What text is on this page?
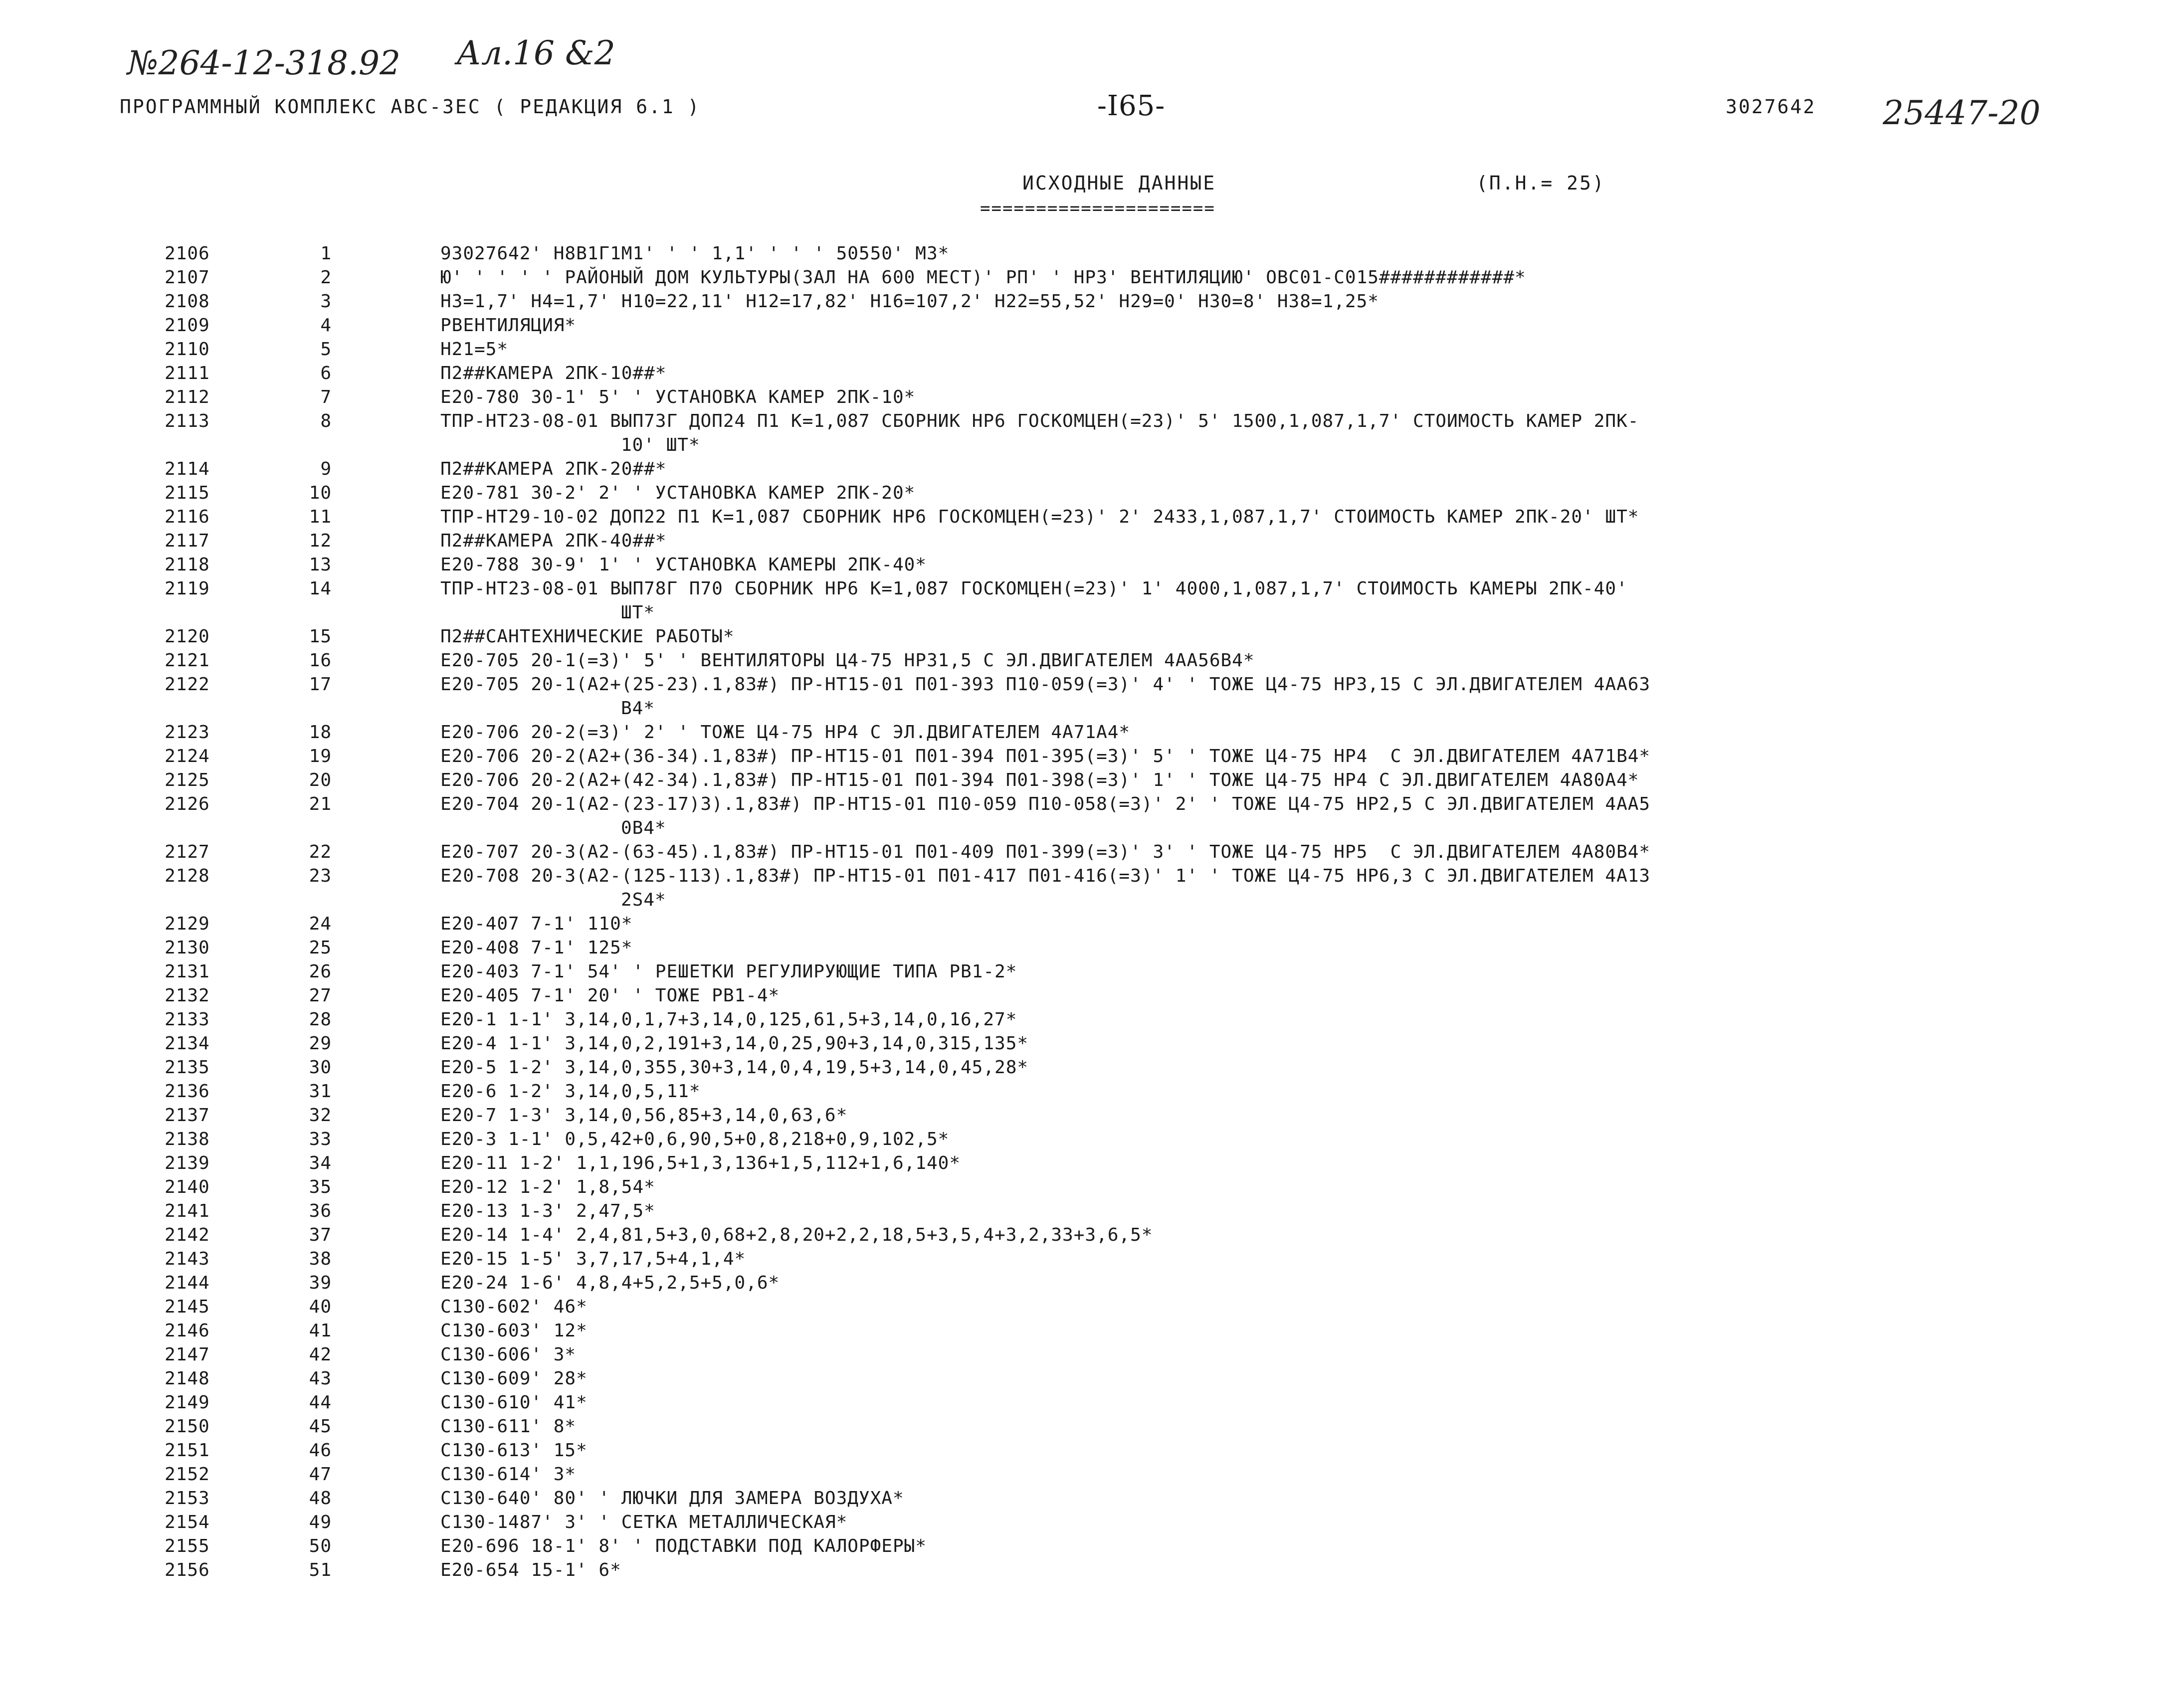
№264-12-318.92 Ал.16 &2
25447-20
ПРОГРАММНЫЙ КОМПЛЕКС АВС-3ЕС ( РЕДАКЦИЯ 6.1 )	-I65-	3027642
ИСХОДНЫЕ ДАННЫЕ	(П.Н.= 25)
=====================
2106	1	93027642' Н8В1Г1М1' ' ' 1,1' ' ' ' 50550' М3*
2107	2	Ю' ' ' ' ' РАЙОНЫЙ ДОМ КУЛЬТУРЫ(ЗАЛ НА 600 МЕСТ)' РП' ' НР3' ВЕНТИЛЯЦИЮ' ОВС01-С015############*
2108	3	Н3=1,7' Н4=1,7' Н10=22,11' Н12=17,82' Н16=107,2' Н22=55,52' Н29=0' Н30=8' Н38=1,25*
2109	4	РВЕНТИЛЯЦИЯ*
2110	5	Н21=5*
2111	6	П2##КАМЕРА 2ПК-10##*
2112	7	Е20-780 30-1' 5' ' УСТАНОВКА КАМЕР 2ПК-10*
2113	8	ТПР-НТ23-08-01 ВЫП73Г ДОП24 П1 К=1,087 СБОРНИК НР6 ГОСКОМЦЕН(=23)' 5' 1500,1,087,1,7' СТОИМОСТЬ КАМЕР 2ПК-
10' ШТ*
2114	9	П2##КАМЕРА 2ПК-20##*
2115	10	Е20-781 30-2' 2' ' УСТАНОВКА КАМЕР 2ПК-20*
2116	11	ТПР-НТ29-10-02 ДОП22 П1 К=1,087 СБОРНИК НР6 ГОСКОМЦЕН(=23)' 2' 2433,1,087,1,7' СТОИМОСТЬ КАМЕР 2ПК-20' ШТ*
2117	12	П2##КАМЕРА 2ПК-40##*
2118	13	Е20-788 30-9' 1' ' УСТАНОВКА КАМЕРЫ 2ПК-40*
2119	14	ТПР-НТ23-08-01 ВЫП78Г П70 СБОРНИК НР6 К=1,087 ГОСКОМЦЕН(=23)' 1' 4000,1,087,1,7' СТОИМОСТЬ КАМЕРЫ 2ПК-40'
ШТ*
2120	15	П2##САНТЕХНИЧЕСКИЕ РАБОТЫ*
2121	16	Е20-705 20-1(=3)' 5' ' ВЕНТИЛЯТОРЫ Ц4-75 НР31,5 С ЭЛ.ДВИГАТЕЛЕМ 4АА56В4*
2122	17	Е20-705 20-1(А2+(25-23).1,83#) ПР-НТ15-01 П01-393 П10-059(=3)' 4' ' ТОЖЕ Ц4-75 НР3,15 С ЭЛ.ДВИГАТЕЛЕМ 4АА63
В4*
2123	18	Е20-706 20-2(=3)' 2' ' ТОЖЕ Ц4-75 НР4 С ЭЛ.ДВИГАТЕЛЕМ 4А71А4*
2124	19	Е20-706 20-2(А2+(36-34).1,83#) ПР-НТ15-01 П01-394 П01-395(=3)' 5' ' ТОЖЕ Ц4-75 НР4  С ЭЛ.ДВИГАТЕЛЕМ 4А71В4*
2125	20	Е20-706 20-2(А2+(42-34).1,83#) ПР-НТ15-01 П01-394 П01-398(=3)' 1' ' ТОЖЕ Ц4-75 НР4 С ЭЛ.ДВИГАТЕЛЕМ 4А80А4*
2126	21	Е20-704 20-1(А2-(23-17)3).1,83#) ПР-НТ15-01 П10-059 П10-058(=3)' 2' ' ТОЖЕ Ц4-75 НР2,5 С ЭЛ.ДВИГАТЕЛЕМ 4АА5
0В4*
2127	22	Е20-707 20-3(А2-(63-45).1,83#) ПР-НТ15-01 П01-409 П01-399(=3)' 3' ' ТОЖЕ Ц4-75 НР5  С ЭЛ.ДВИГАТЕЛЕМ 4А80В4*
2128	23	Е20-708 20-3(А2-(125-113).1,83#) ПР-НТ15-01 П01-417 П01-416(=3)' 1' ' ТОЖЕ Ц4-75 НР6,3 С ЭЛ.ДВИГАТЕЛЕМ 4А13
2S4*
2129	24	Е20-407 7-1' 110*
2130	25	Е20-408 7-1' 125*
2131	26	Е20-403 7-1' 54' ' РЕШЕТКИ РЕГУЛИРУЮЩИЕ ТИПА РВ1-2*
2132	27	Е20-405 7-1' 20' ' ТОЖЕ РВ1-4*
2133	28	Е20-1 1-1' 3,14,0,1,7+3,14,0,125,61,5+3,14,0,16,27*
2134	29	Е20-4 1-1' 3,14,0,2,191+3,14,0,25,90+3,14,0,315,135*
2135	30	Е20-5 1-2' 3,14,0,355,30+3,14,0,4,19,5+3,14,0,45,28*
2136	31	Е20-6 1-2' 3,14,0,5,11*
2137	32	Е20-7 1-3' 3,14,0,56,85+3,14,0,63,6*
2138	33	Е20-3 1-1' 0,5,42+0,6,90,5+0,8,218+0,9,102,5*
2139	34	Е20-11 1-2' 1,1,196,5+1,3,136+1,5,112+1,6,140*
2140	35	Е20-12 1-2' 1,8,54*
2141	36	Е20-13 1-3' 2,47,5*
2142	37	Е20-14 1-4' 2,4,81,5+3,0,68+2,8,20+2,2,18,5+3,5,4+3,2,33+3,6,5*
2143	38	Е20-15 1-5' 3,7,17,5+4,1,4*
2144	39	Е20-24 1-6' 4,8,4+5,2,5+5,0,6*
2145	40	С130-602' 46*
2146	41	С130-603' 12*
2147	42	С130-606' 3*
2148	43	С130-609' 28*
2149	44	С130-610' 41*
2150	45	С130-611' 8*
2151	46	С130-613' 15*
2152	47	С130-614' 3*
2153	48	С130-640' 80' ' ЛЮЧКИ ДЛЯ ЗАМЕРА ВОЗДУХА*
2154	49	С130-1487' 3' ' СЕТКА МЕТАЛЛИЧЕСКАЯ*
2155	50	Е20-696 18-1' 8' ' ПОДСТАВКИ ПОД КАЛОРФЕРЫ*
2156	51	Е20-654 15-1' 6*
